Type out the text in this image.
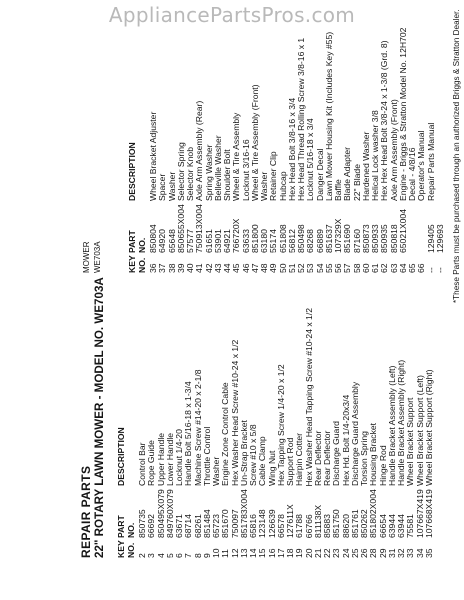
AppliancePartsPros.com
REPAIR PARTS 22" ROTARY LAWN MOWER - MODEL NO. WE703A KEY
NO.
PART
NO.
DESCRIPTION
2
850735
Control Bar
3
66692
Rope Guide
4
850495X079
Upper Handle
5
849760X079
Lower Handle
6
63671
Locknut 1/4-20
7
68714
Handle Bolt 5/16-18 x 1-3/4
8
68261
Machine Screw #14-20 x 2-1/8
9
851484
Throttle Control
10
65723
Washer
11
851670
Engine Zone Control Cable
12
750097
Hex Washer Head Screw #10-24 x 1/2
13
851783X004
Un-Strap Bracket
14
65816
Screw #10 x 5/8
15
123148
Cable Clamp
16
126639
Wing Nut
17
66578
Hex Tapping Screw 1/4-20 x 1/2
18
127611X
Support Rod
19
61788
Hairpin Cotter
20
66766
Hex Washer Head Tapping Screw #10-24 x 1/2
21
811138X
Rear Deflector
22
85883
Rear Deflector
23
851750
Discharge Guard
24
88620
Hex Hd. Bolt 1/4-20x3/4
25
851761
Discharge Guard Assembly
26
850262
Torsion Spring
28
851802X004
Housing Bracket
29
66654
Hinge Rod
31
63944
Handle Bracket Assembly (Left)
32
63944
Handle Bracket Assembly (Right)
33
75581
Wheel Bracket Support
34
107667X419
Wheel Bracket Support (Left)
35
107668X419
Wheel Bracket Support (Right)
MOWER WE703A	KEY
NO.
PART
NO.
DESCRIPTION
36
850804
Wheel Bracket Adjuster
37
64920
Spacer
38
65648
Washer
39
850655X004
Selector Spring
40
57577
Selector Knob
41
750913X004
Axle Arm Assembly (Rear)
42
61651
Spring Washer
43
53901
Belleville Washer
44
64921
Shoulder Bolt
45
766720X
Wheel & Tire Assembly
46
63633
Locknut 3/16-16
47
851800
Wheel & Tire Assembly (Front)
48
63180
Washer
49
55174
Retainer Clip
50
651808
Hubcap
51
56812
Hex Head Bolt 3/8-16 x 3/4
52
850498
Hex Head Thread Rolling Screw 3/8-16 x 1
53
68268
Locknut 5/16-18 x 3/4
54
66889
Danger Decal
55
851637
Lawn Mower Housing Kit (Includes Key #55)
56
107329X
Baffle
57
851690
Blade Adapter
58
87160
22" Blade
60
850873
Hardened Washer
61
850933
Helical Lock washer 3/8
62
850935
Hex Hex Head Bolt 3/8-24 x 1-3/8 (Grd. 8)
63
850818
Axle Arm Assembly (Front)
64
65021X004
Engine - Briggs & Stratton Model No. 12H702
65
Decal - 4/8/16
66
Operator's Manual
--
129405
Repair Parts Manual
--
129693 *These Parts must be purchased through an authorized Briggs & Stratton Dealer.
